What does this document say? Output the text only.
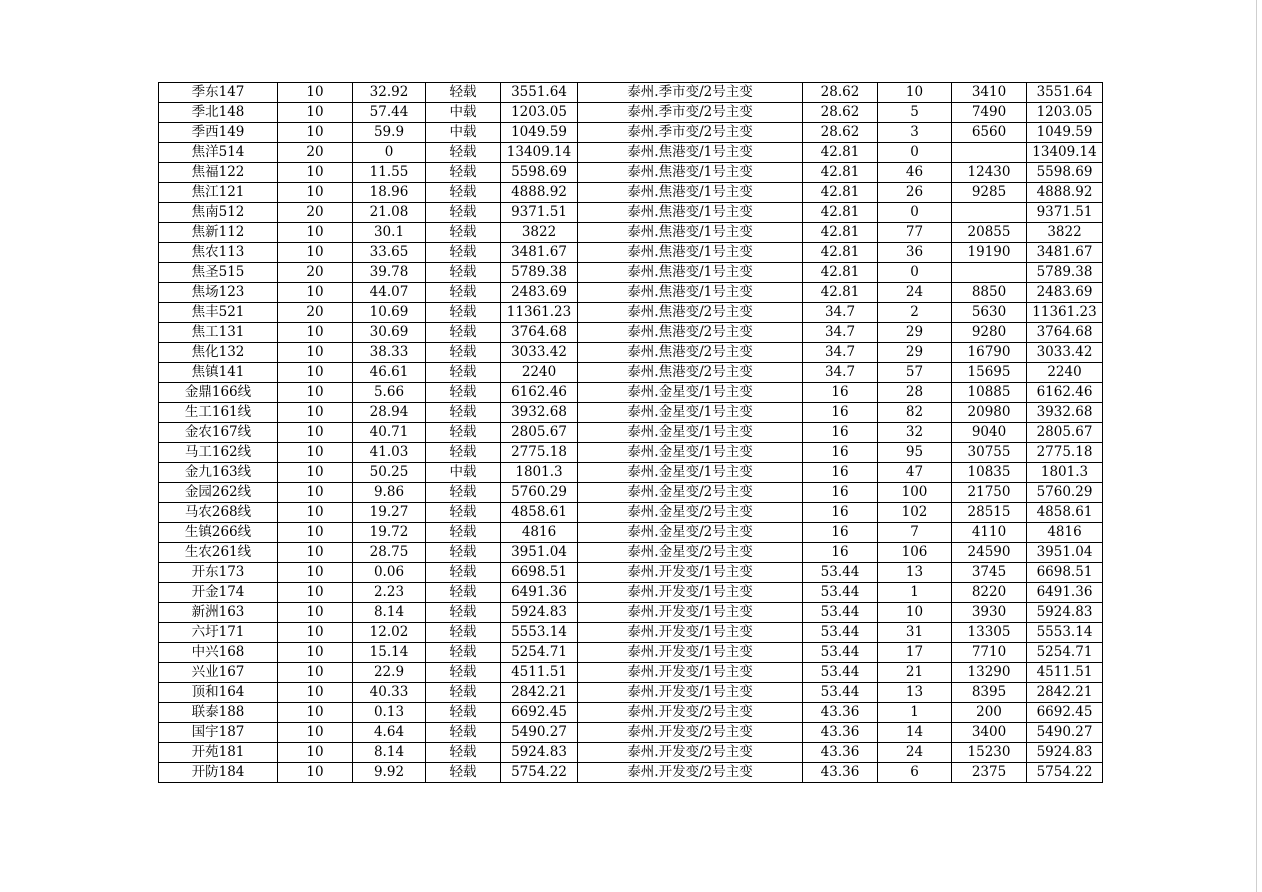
季东147	10	32.92	轻载	3551.64	泰州.季市变/2号主变	28.62	10	3410	3551.64
季北148	10	57.44	中载	1203.05	泰州.季市变/2号主变	28.62	5	7490	1203.05
季西149	10	59.9	中载	1049.59	泰州.季市变/2号主变	28.62	3	6560	1049.59
焦洋514	20	0	轻载	13409.14	泰州.焦港变/1号主变	42.81	0		13409.14
焦福122	10	11.55	轻载	5598.69	泰州.焦港变/1号主变	42.81	46	12430	5598.69
焦江121	10	18.96	轻载	4888.92	泰州.焦港变/1号主变	42.81	26	9285	4888.92
焦南512	20	21.08	轻载	9371.51	泰州.焦港变/1号主变	42.81	0		9371.51
焦新112	10	30.1	轻载	3822	泰州.焦港变/1号主变	42.81	77	20855	3822
焦农113	10	33.65	轻载	3481.67	泰州.焦港变/1号主变	42.81	36	19190	3481.67
焦圣515	20	39.78	轻载	5789.38	泰州.焦港变/1号主变	42.81	0		5789.38
焦场123	10	44.07	轻载	2483.69	泰州.焦港变/1号主变	42.81	24	8850	2483.69
焦丰521	20	10.69	轻载	11361.23	泰州.焦港变/2号主变	34.7	2	5630	11361.23
焦工131	10	30.69	轻载	3764.68	泰州.焦港变/2号主变	34.7	29	9280	3764.68
焦化132	10	38.33	轻载	3033.42	泰州.焦港变/2号主变	34.7	29	16790	3033.42
焦镇141	10	46.61	轻载	2240	泰州.焦港变/2号主变	34.7	57	15695	2240
金鼎166线	10	5.66	轻载	6162.46	泰州.金星变/1号主变	16	28	10885	6162.46
生工161线	10	28.94	轻载	3932.68	泰州.金星变/1号主变	16	82	20980	3932.68
金农167线	10	40.71	轻载	2805.67	泰州.金星变/1号主变	16	32	9040	2805.67
马工162线	10	41.03	轻载	2775.18	泰州.金星变/1号主变	16	95	30755	2775.18
金九163线	10	50.25	中载	1801.3	泰州.金星变/1号主变	16	47	10835	1801.3
金园262线	10	9.86	轻载	5760.29	泰州.金星变/2号主变	16	100	21750	5760.29
马农268线	10	19.27	轻载	4858.61	泰州.金星变/2号主变	16	102	28515	4858.61
生镇266线	10	19.72	轻载	4816	泰州.金星变/2号主变	16	7	4110	4816
生农261线	10	28.75	轻载	3951.04	泰州.金星变/2号主变	16	106	24590	3951.04
开东173	10	0.06	轻载	6698.51	泰州.开发变/1号主变	53.44	13	3745	6698.51
开金174	10	2.23	轻载	6491.36	泰州.开发变/1号主变	53.44	1	8220	6491.36
新洲163	10	8.14	轻载	5924.83	泰州.开发变/1号主变	53.44	10	3930	5924.83
六圩171	10	12.02	轻载	5553.14	泰州.开发变/1号主变	53.44	31	13305	5553.14
中兴168	10	15.14	轻载	5254.71	泰州.开发变/1号主变	53.44	17	7710	5254.71
兴业167	10	22.9	轻载	4511.51	泰州.开发变/1号主变	53.44	21	13290	4511.51
顶和164	10	40.33	轻载	2842.21	泰州.开发变/1号主变	53.44	13	8395	2842.21
联泰188	10	0.13	轻载	6692.45	泰州.开发变/2号主变	43.36	1	200	6692.45
国宇187	10	4.64	轻载	5490.27	泰州.开发变/2号主变	43.36	14	3400	5490.27
开苑181	10	8.14	轻载	5924.83	泰州.开发变/2号主变	43.36	24	15230	5924.83
开防184	10	9.92	轻载	5754.22	泰州.开发变/2号主变	43.36	6	2375	5754.22
